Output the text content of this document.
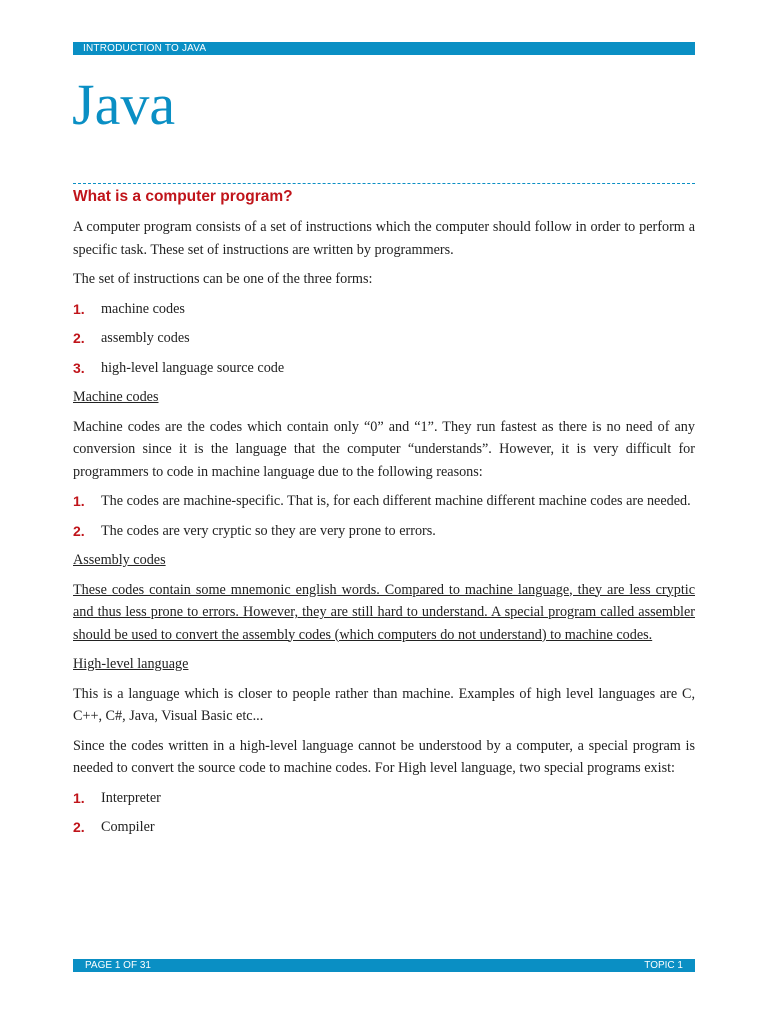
INTRODUCTION TO JAVA
Java
What is a computer program?

A computer program consists of a set of instructions which the computer should follow in order to perform a specific task. These set of instructions are written by programmers.

The set of instructions can be one of the three forms:

1. machine codes
2. assembly codes
3. high-level language source code
Machine codes

Machine codes are the codes which contain only “0” and “1”. They run fastest as there is no need of any conversion since it is the language that the computer “understands”. However, it is very difficult for programmers to code in machine language due to the following reasons:

1. The codes are machine-specific. That is, for each different machine different machine codes are needed.
2. The codes are very cryptic so they are very prone to errors.
Assembly codes

These codes contain some mnemonic english words. Compared to machine language, they are less cryptic and thus less prone to errors. However, they are still hard to understand. A special program called assembler should be used to convert the assembly codes (which computers do not understand) to machine codes.

High-level language

This is a language which is closer to people rather than machine. Examples of high level languages are C, C++, C#, Java, Visual Basic etc...

Since the codes written in a high-level language cannot be understood by a computer, a special program is needed to convert the source code to machine codes. For High level language, two special programs exist:

1. Interpreter
2. Compiler
PAGE 1 OF 31	TOPIC 1
